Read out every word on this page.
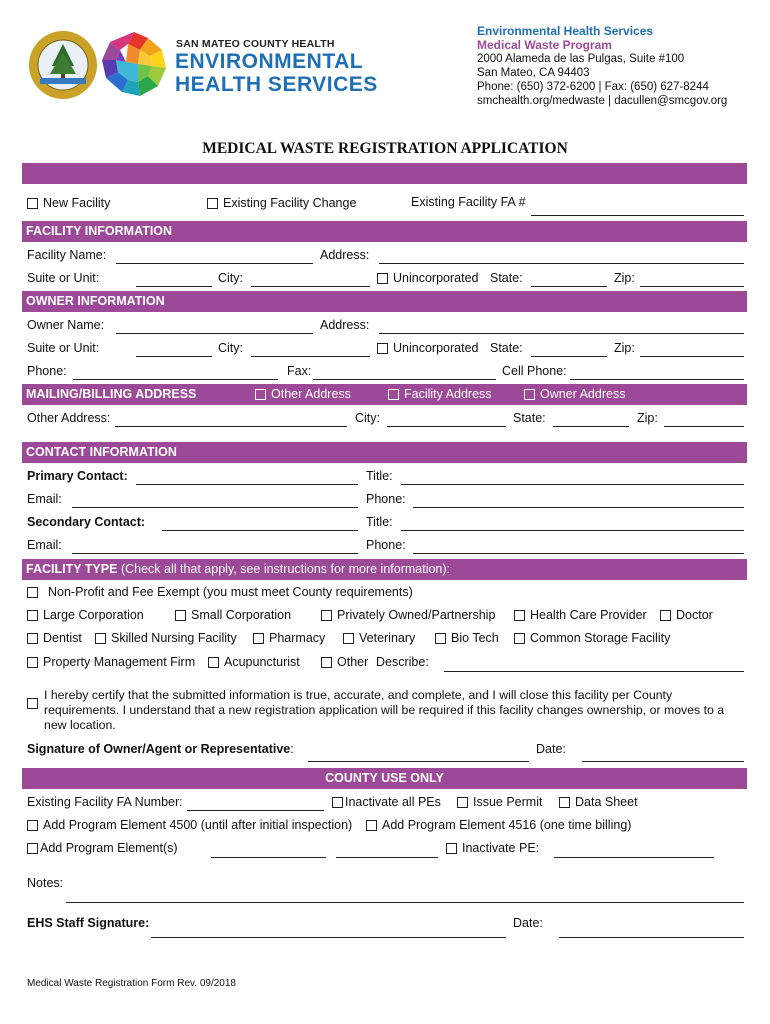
SAN MATEO COUNTY HEALTH
ENVIRONMENTAL
HEALTH SERVICES
Environmental Health Services
Medical Waste Program
2000 Alameda de las Pulgas, Suite #100
San Mateo, CA 94403
Phone: (650) 372-6200 | Fax: (650) 627-8244
smchealth.org/medwaste | dacullen@smcgov.org
MEDICAL WASTE REGISTRATION APPLICATION
New Facility	Existing Facility Change	Existing Facility FA #
FACILITY INFORMATION
Facility Name:	Address:
Suite or Unit:	City:	Unincorporated State:	Zip:
OWNER INFORMATION
Owner Name:	Address:
Suite or Unit:	City:	Unincorporated State:	Zip:
Phone:	Fax:	Cell Phone:
MAILING/BILLING ADDRESS	Other Address	Facility Address	Owner Address
Other Address:	City:	State:	Zip:
CONTACT INFORMATION
Primary Contact:	Title:
Email:	Phone:
Secondary Contact:	Title:
Email:	Phone:
FACILITY TYPE (Check all that apply, see instructions for more information):
Non-Profit and Fee Exempt (you must meet County requirements)
Large Corporation	Small Corporation	Privately Owned/Partnership	Health Care Provider	Doctor
Dentist	Skilled Nursing Facility	Pharmacy	Veterinary	Bio Tech	Common Storage Facility
Property Management Firm	Acupuncturist	Other Describe:
I hereby certify that the submitted information is true, accurate, and complete, and I will close this facility per County
requirements. I understand that a new registration application will be required if this facility changes ownership, or moves to a
new location.
Signature of Owner/Agent or Representative:	Date:
COUNTY USE ONLY
Existing Facility FA Number:	Inactivate all PEs	Issue Permit	Data Sheet
Add Program Element 4500 (until after initial inspection)	Add Program Element 4516 (one time billing)
Add Program Element(s)	Inactivate PE:
Notes:
EHS Staff Signature:	Date:
Medical Waste Registration Form Rev. 09/2018
